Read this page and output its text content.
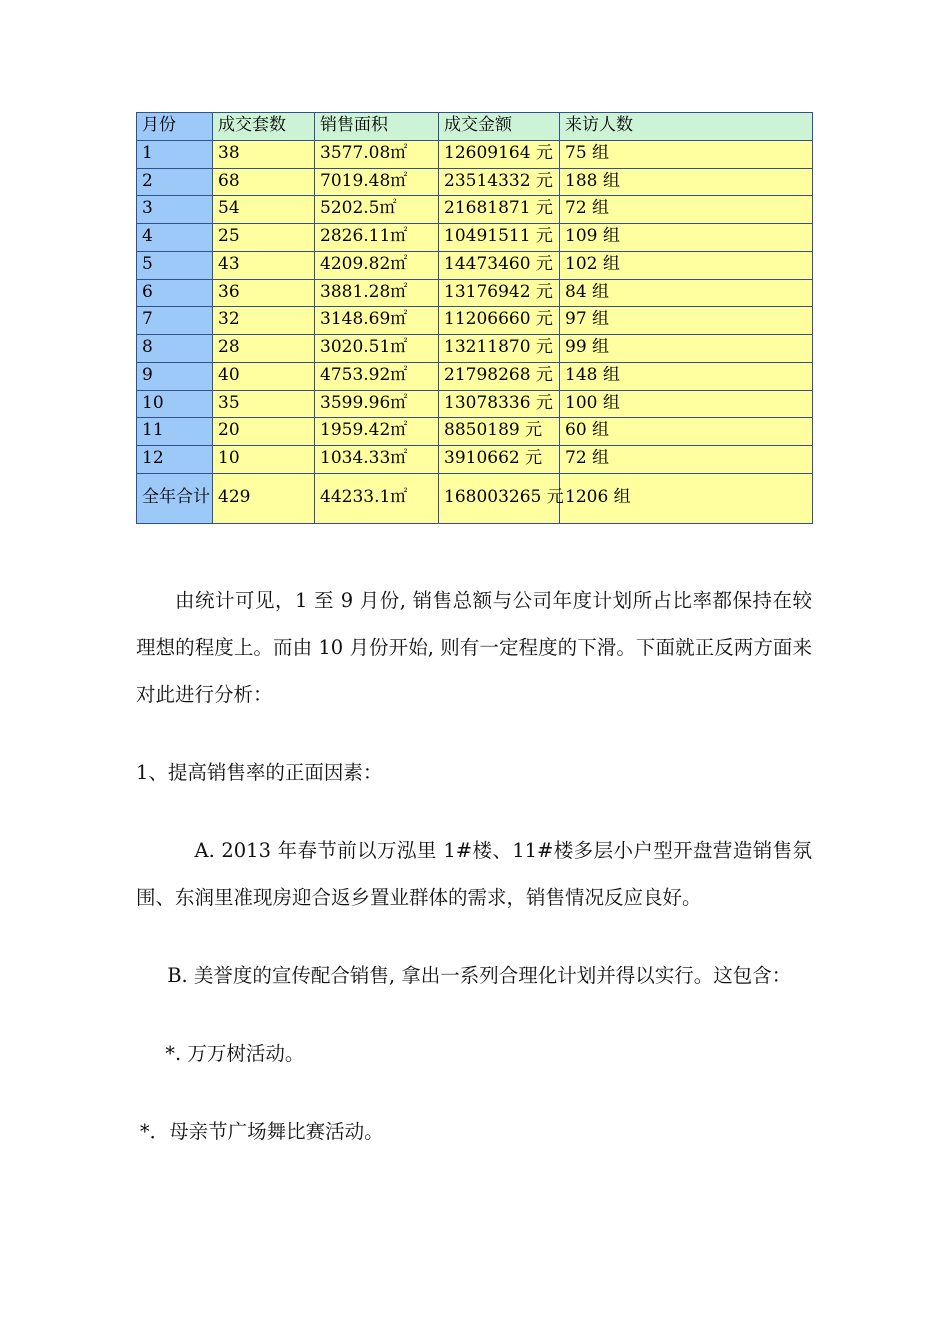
月份	成交套数	销售面积	成交金额	来访人数
1	38	3577.08㎡	12609164 元	75 组
2	68	7019.48㎡	23514332 元	188 组
3	54	5202.5㎡	21681871 元	72 组
4	25	2826.11㎡	10491511 元	109 组
5	43	4209.82㎡	14473460 元	102 组
6	36	3881.28㎡	13176942 元	84 组
7	32	3148.69㎡	11206660 元	97 组
8	28	3020.51㎡	13211870 元	99 组
9	40	4753.92㎡	21798268 元	148 组
10	35	3599.96㎡	13078336 元	100 组
11	20	1959.42㎡	8850189 元	60 组
12	10	1034.33㎡	3910662 元	72 组
全年合计	429	44233.1㎡	168003265 元	1206 组

由统计可见，1 至 9 月份, 销售总额与公司年度计划所占比率都保持在较理想的程度上。而由 10 月份开始, 则有一定程度的下滑。下面就正反两方面来对此进行分析：

1、提高销售率的正面因素：

A. 2013 年春节前以万泓里 1#楼、11#楼多层小户型开盘营造销售氛围、东润里准现房迎合返乡置业群体的需求，销售情况反应良好。

B. 美誉度的宣传配合销售, 拿出一系列合理化计划并得以实行。这包含：

*. 万万树活动。

*．母亲节广场舞比赛活动。
